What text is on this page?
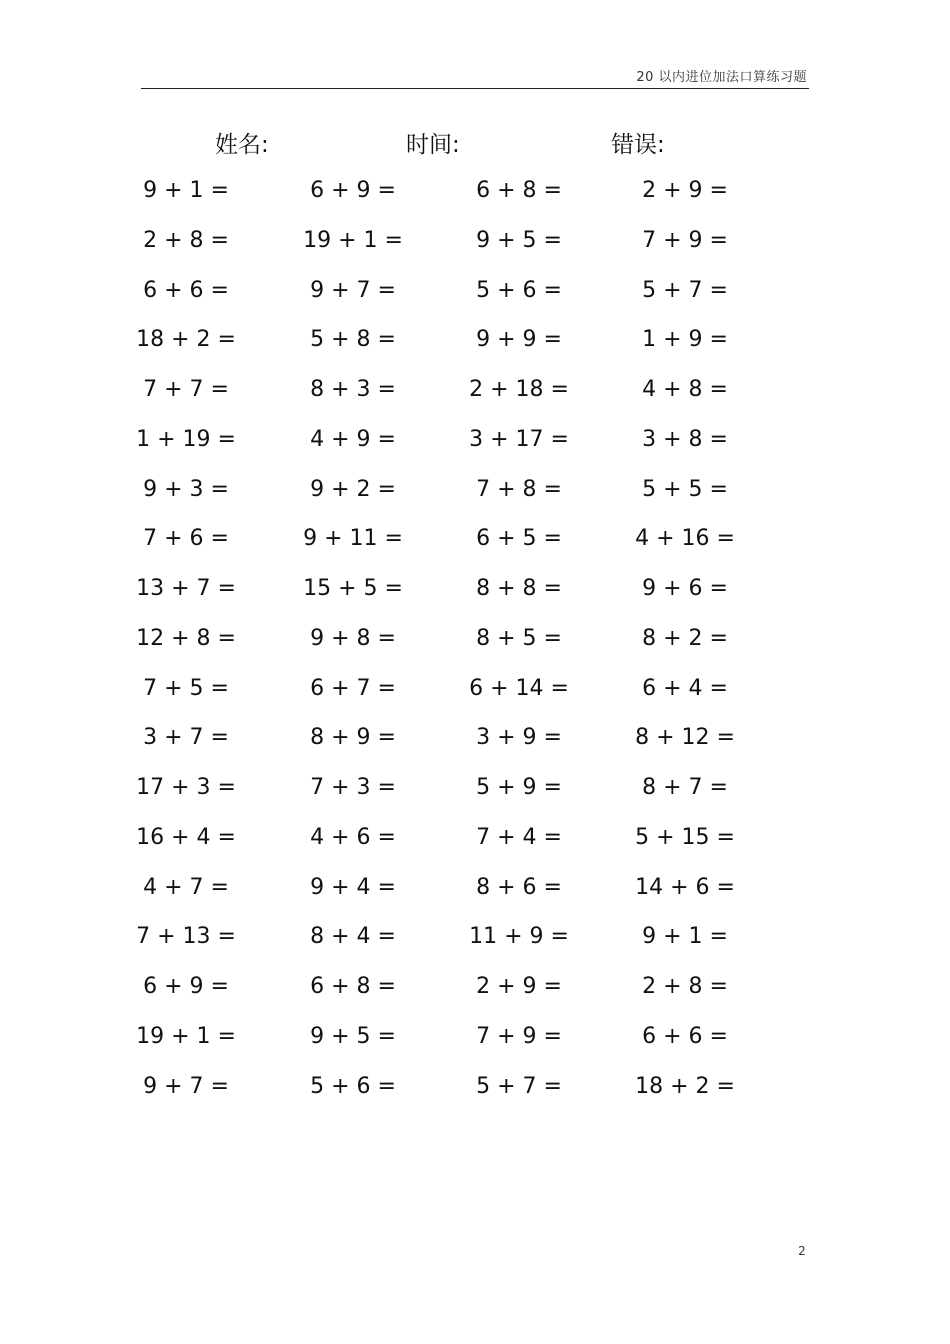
20 以内进位加法口算练习题
姓名:	时间:	错误:
9 + 1 =	6 + 9 =	6 + 8 =	2 + 9 =
2 + 8 =	19 + 1 =	9 + 5 =	7 + 9 =
6 + 6 =	9 + 7 =	5 + 6 =	5 + 7 =
18 + 2 =	5 + 8 =	9 + 9 =	1 + 9 =
7 + 7 =	8 + 3 =	2 + 18 =	4 + 8 =
1 + 19 =	4 + 9 =	3 + 17 =	3 + 8 =
9 + 3 =	9 + 2 =	7 + 8 =	5 + 5 =
7 + 6 =	9 + 11 =	6 + 5 =	4 + 16 =
13 + 7 =	15 + 5 =	8 + 8 =	9 + 6 =
12 + 8 =	9 + 8 =	8 + 5 =	8 + 2 =
7 + 5 =	6 + 7 =	6 + 14 =	6 + 4 =
3 + 7 =	8 + 9 =	3 + 9 =	8 + 12 =
17 + 3 =	7 + 3 =	5 + 9 =	8 + 7 =
16 + 4 =	4 + 6 =	7 + 4 =	5 + 15 =
4 + 7 =	9 + 4 =	8 + 6 =	14 + 6 =
7 + 13 =	8 + 4 =	11 + 9 =	9 + 1 =
6 + 9 =	6 + 8 =	2 + 9 =	2 + 8 =
19 + 1 =	9 + 5 =	7 + 9 =	6 + 6 =
9 + 7 =	5 + 6 =	5 + 7 =	18 + 2 =
2
